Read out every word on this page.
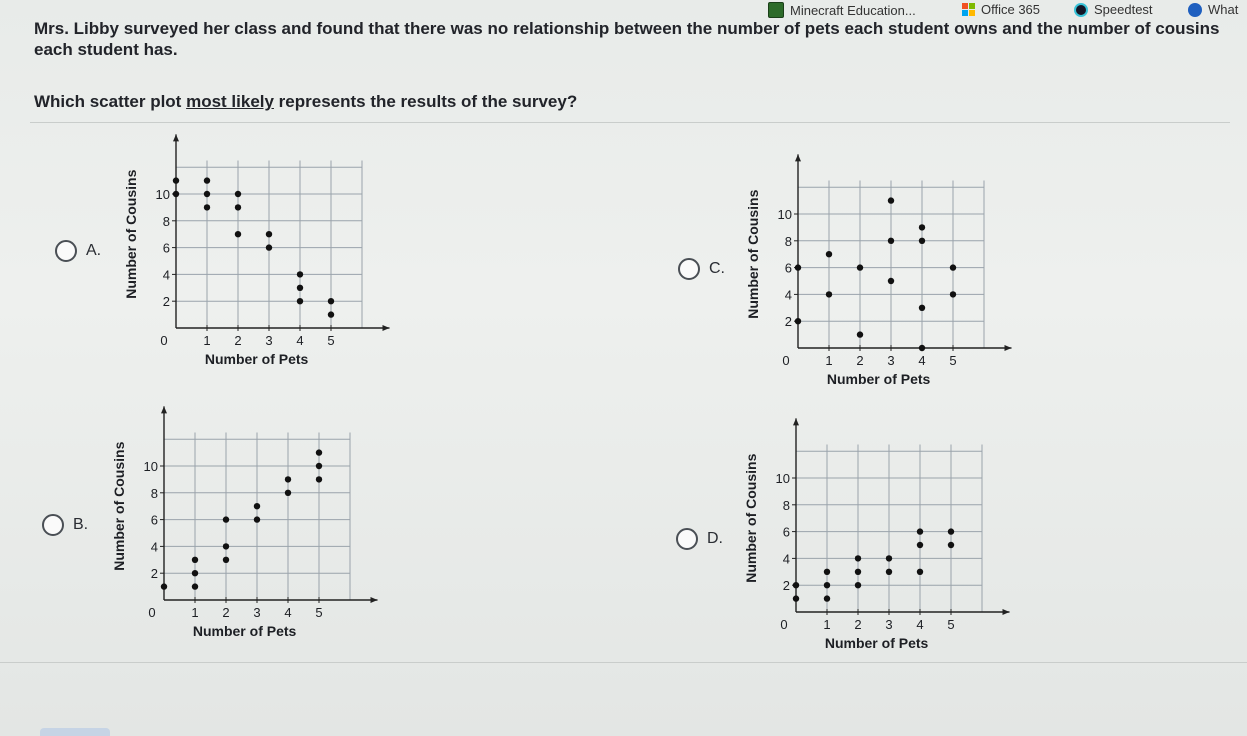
Minecraft Education...	Office 365	Speedtest	What
Mrs. Libby surveyed her class and found that there was no relationship between the number of pets each student owns and the number of cousins each student has.
Which scatter plot most likely represents the results of the survey?
A.
0	1 2 3 4 5
2
4
6
8
10
Number of Pets
Number of Cousins	C.
0	1 2 3 4 5
2
4
6
8
10
Number of Pets
Number of Cousins
B.
0	1 2 3 4 5
2
4
6
8
10
Number of Pets
Number of Cousins	D.
0	1 2 3 4 5
2
4
6
8
10
Number of Pets
Number of Cousins
